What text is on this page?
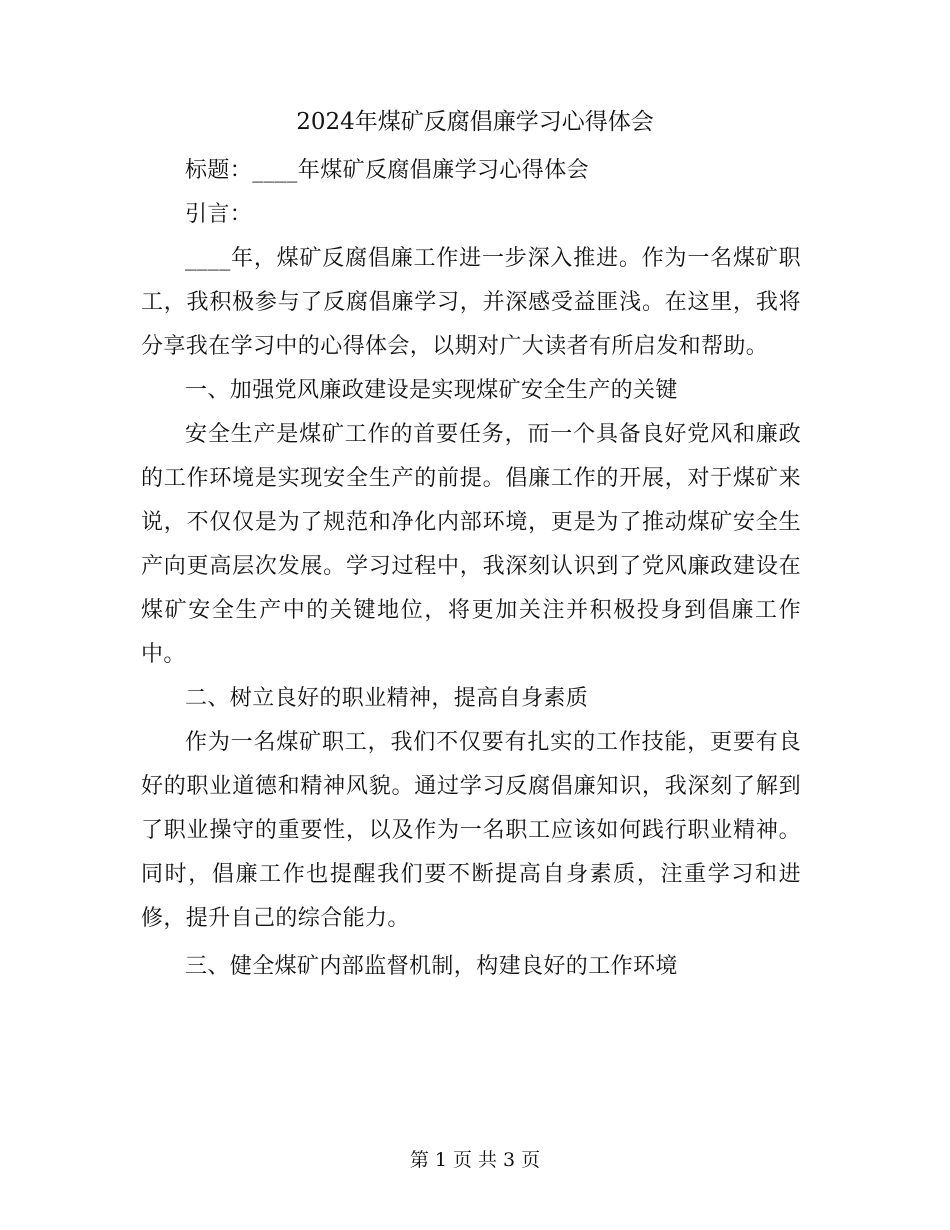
2024年煤矿反腐倡廉学习心得体会

标题：____年煤矿反腐倡廉学习心得体会

引言：

____年，煤矿反腐倡廉工作进一步深入推进。作为一名煤矿职工，我积极参与了反腐倡廉学习，并深感受益匪浅。在这里，我将分享我在学习中的心得体会，以期对广大读者有所启发和帮助。

一、加强党风廉政建设是实现煤矿安全生产的关键

安全生产是煤矿工作的首要任务，而一个具备良好党风和廉政的工作环境是实现安全生产的前提。倡廉工作的开展，对于煤矿来说，不仅仅是为了规范和净化内部环境，更是为了推动煤矿安全生产向更高层次发展。学习过程中，我深刻认识到了党风廉政建设在煤矿安全生产中的关键地位，将更加关注并积极投身到倡廉工作中。

二、树立良好的职业精神，提高自身素质

作为一名煤矿职工，我们不仅要有扎实的工作技能，更要有良好的职业道德和精神风貌。通过学习反腐倡廉知识，我深刻了解到了职业操守的重要性，以及作为一名职工应该如何践行职业精神。同时，倡廉工作也提醒我们要不断提高自身素质，注重学习和进修，提升自己的综合能力。

三、健全煤矿内部监督机制，构建良好的工作环境

第 1 页 共 3 页
